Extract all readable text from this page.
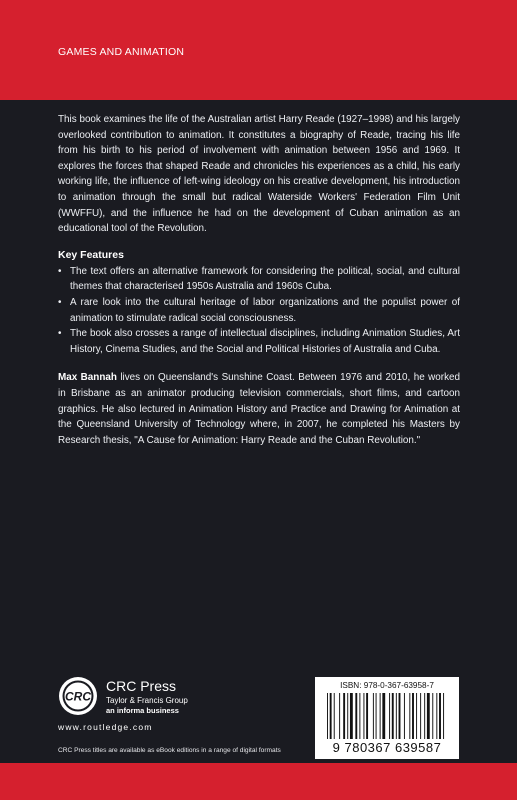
GAMES AND ANIMATION

This book examines the life of the Australian artist Harry Reade (1927–1998) and his largely overlooked contribution to animation. It constitutes a biography of Reade, tracing his life from his birth to his period of involvement with animation between 1956 and 1969. It explores the forces that shaped Reade and chronicles his experiences as a child, his early working life, the influence of left-wing ideology on his creative development, his introduction to animation through the small but radical Waterside Workers' Federation Film Unit (WWFFU), and the influence he had on the development of Cuban animation as an educational tool of the Revolution.

Key Features
• The text offers an alternative framework for considering the political, social, and cultural themes that characterised 1950s Australia and 1960s Cuba.
• A rare look into the cultural heritage of labor organizations and the populist power of animation to stimulate radical social consciousness.
• The book also crosses a range of intellectual disciplines, including Animation Studies, Art History, Cinema Studies, and the Social and Political Histories of Australia and Cuba.

Max Bannah lives on Queensland's Sunshine Coast. Between 1976 and 2010, he worked in Brisbane as an animator producing television commercials, short films, and cartoon graphics. He also lectured in Animation History and Practice and Drawing for Animation at the Queensland University of Technology where, in 2007, he completed his Masters by Research thesis, "A Cause for Animation: Harry Reade and the Cuban Revolution."

CRC
CRC Press
Taylor & Francis Group
an informa business
www.routledge.com
CRC Press titles are available as eBook editions in a range of digital formats
ISBN: 978-0-367-63958-7
9 780367 639587
